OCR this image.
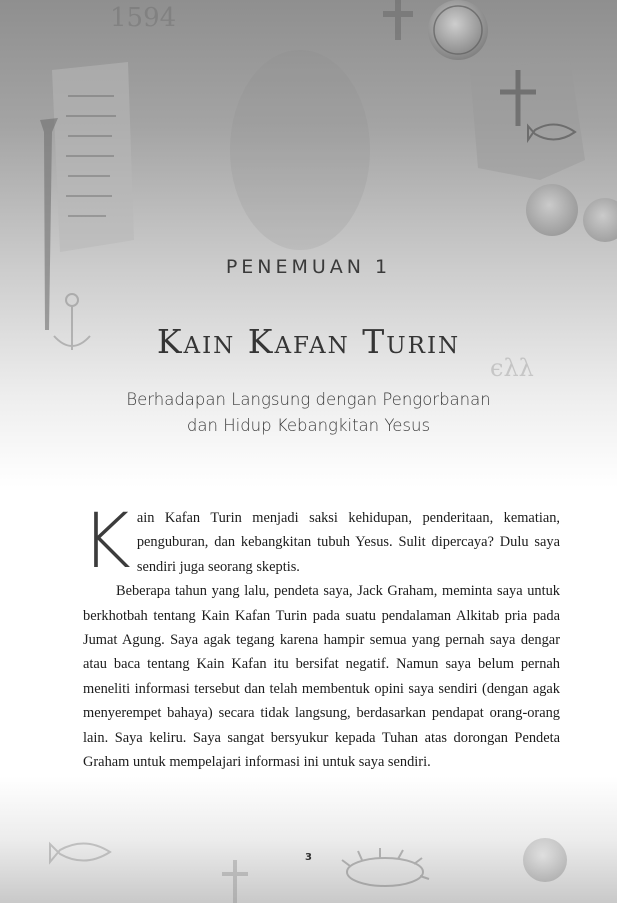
1594
ϵλλ
PENEMUAN 1
Kain Kafan Turin
Berhadapan Langsung dengan Pengorbanan
dan Hidup Kebangkitan Yesus

K ain Kafan Turin menjadi saksi kehidupan, penderitaan, kematian, penguburan, dan kebangkitan tubuh Yesus. Sulit dipercaya? Dulu saya sendiri juga seorang skeptis.

Beberapa tahun yang lalu, pendeta saya, Jack Graham, meminta saya untuk berkhotbah tentang Kain Kafan Turin pada suatu pendalaman Alkitab pria pada Jumat Agung. Saya agak tegang karena hampir semua yang pernah saya dengar atau baca tentang Kain Kafan itu bersifat negatif. Namun saya belum pernah meneliti informasi tersebut dan telah membentuk opini saya sendiri (dengan agak menyerempet bahaya) secara tidak langsung, berdasarkan pendapat orang-orang lain. Saya keliru. Saya sangat bersyukur kepada Tuhan atas dorongan Pendeta Graham untuk mempelajari informasi ini untuk saya sendiri.

3
